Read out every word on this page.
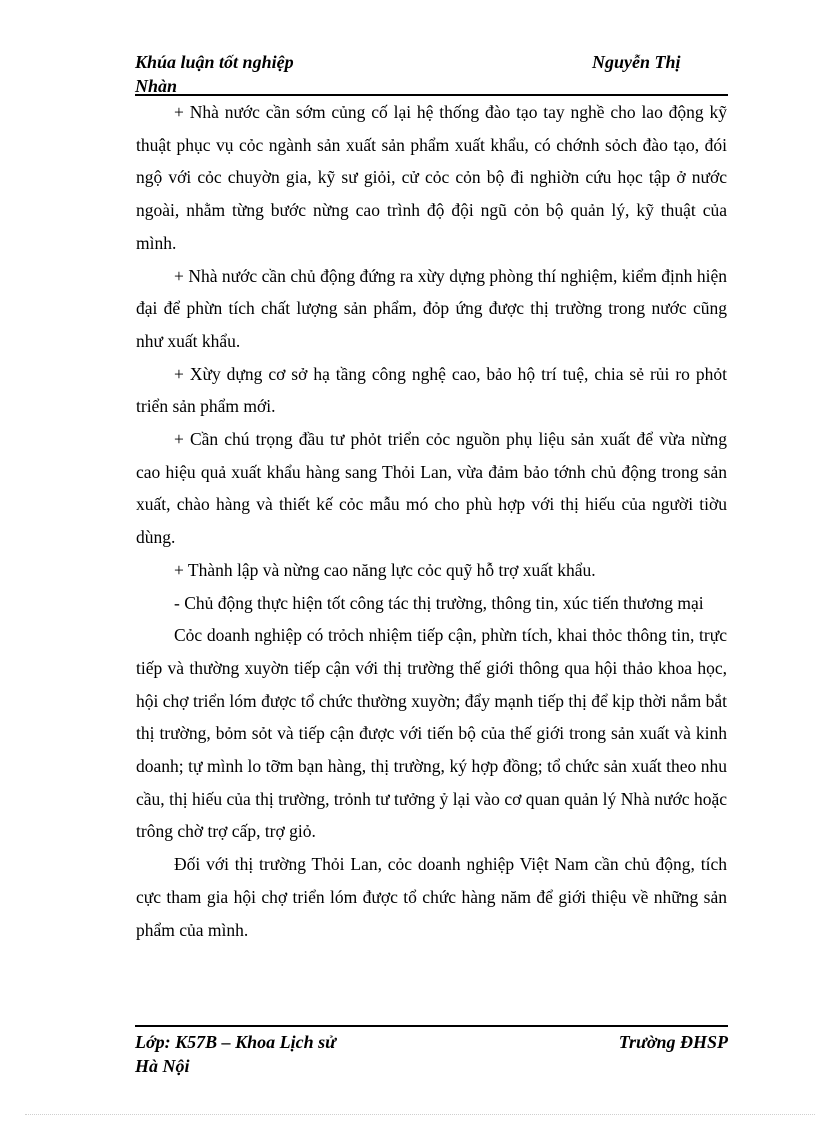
Khúa luận tốt nghiệp	Nguyễn Thị
Nhàn

+ Nhà nước cần sớm củng cố lại hệ thống đào tạo tay nghề cho lao động kỹ thuật phục vụ cỏc ngành sản xuất sản phẩm xuất khẩu, có chớnh sỏch đào tạo, đói ngộ với cỏc chuyờn gia, kỹ sư giỏi, cử cỏc cỏn bộ đi nghiờn cứu học tập ở nước ngoài, nhằm từng bước nừng cao trình độ đội ngũ cỏn bộ quản lý, kỹ thuật của mình.

+ Nhà nước cần chủ động đứng ra xừy dựng phòng thí nghiệm, kiểm định hiện đại để phừn tích chất lượng sản phẩm, đỏp ứng được thị trường trong nước cũng như xuất khẩu.

+ Xừy dựng cơ sở hạ tầng công nghệ cao, bảo hộ trí tuệ, chia sẻ rủi ro phỏt triển sản phẩm mới.

+ Cần chú trọng đầu tư phỏt triển cỏc nguồn phụ liệu sản xuất để vừa nừng cao hiệu quả xuất khẩu hàng sang Thỏi Lan, vừa đảm bảo tớnh chủ động trong sản xuất, chào hàng và thiết kế cỏc mẫu mó cho phù hợp với thị hiếu của người tiờu dùng.

+ Thành lập và nừng cao năng lực cỏc quỹ hỗ trợ xuất khẩu.

- Chủ động thực hiện tốt công tác thị trường, thông tin, xúc tiến thương mại

Cỏc doanh nghiệp có trỏch nhiệm tiếp cận, phừn tích, khai thỏc thông tin, trực tiếp và thường xuyờn tiếp cận với thị trường thế giới thông qua hội thảo khoa học, hội chợ triển lóm được tổ chức thường xuyờn; đẩy mạnh tiếp thị để kịp thời nắm bắt thị trường, bỏm sỏt và tiếp cận được với tiến bộ của thế giới trong sản xuất và kinh doanh; tự mình lo tỡm bạn hàng, thị trường, ký hợp đồng; tổ chức sản xuất theo nhu cầu, thị hiếu của thị trường, trỏnh tư tưởng ỷ lại vào cơ quan quản lý Nhà nước hoặc trông chờ trợ cấp, trợ giỏ.

Đối với thị trường Thỏi Lan, cỏc doanh nghiệp Việt Nam cần chủ động, tích cực tham gia hội chợ triển lóm được tổ chức hàng năm để giới thiệu về những sản phẩm của mình.

Lớp: K57B – Khoa Lịch sử	Trường ĐHSP
Hà Nội
